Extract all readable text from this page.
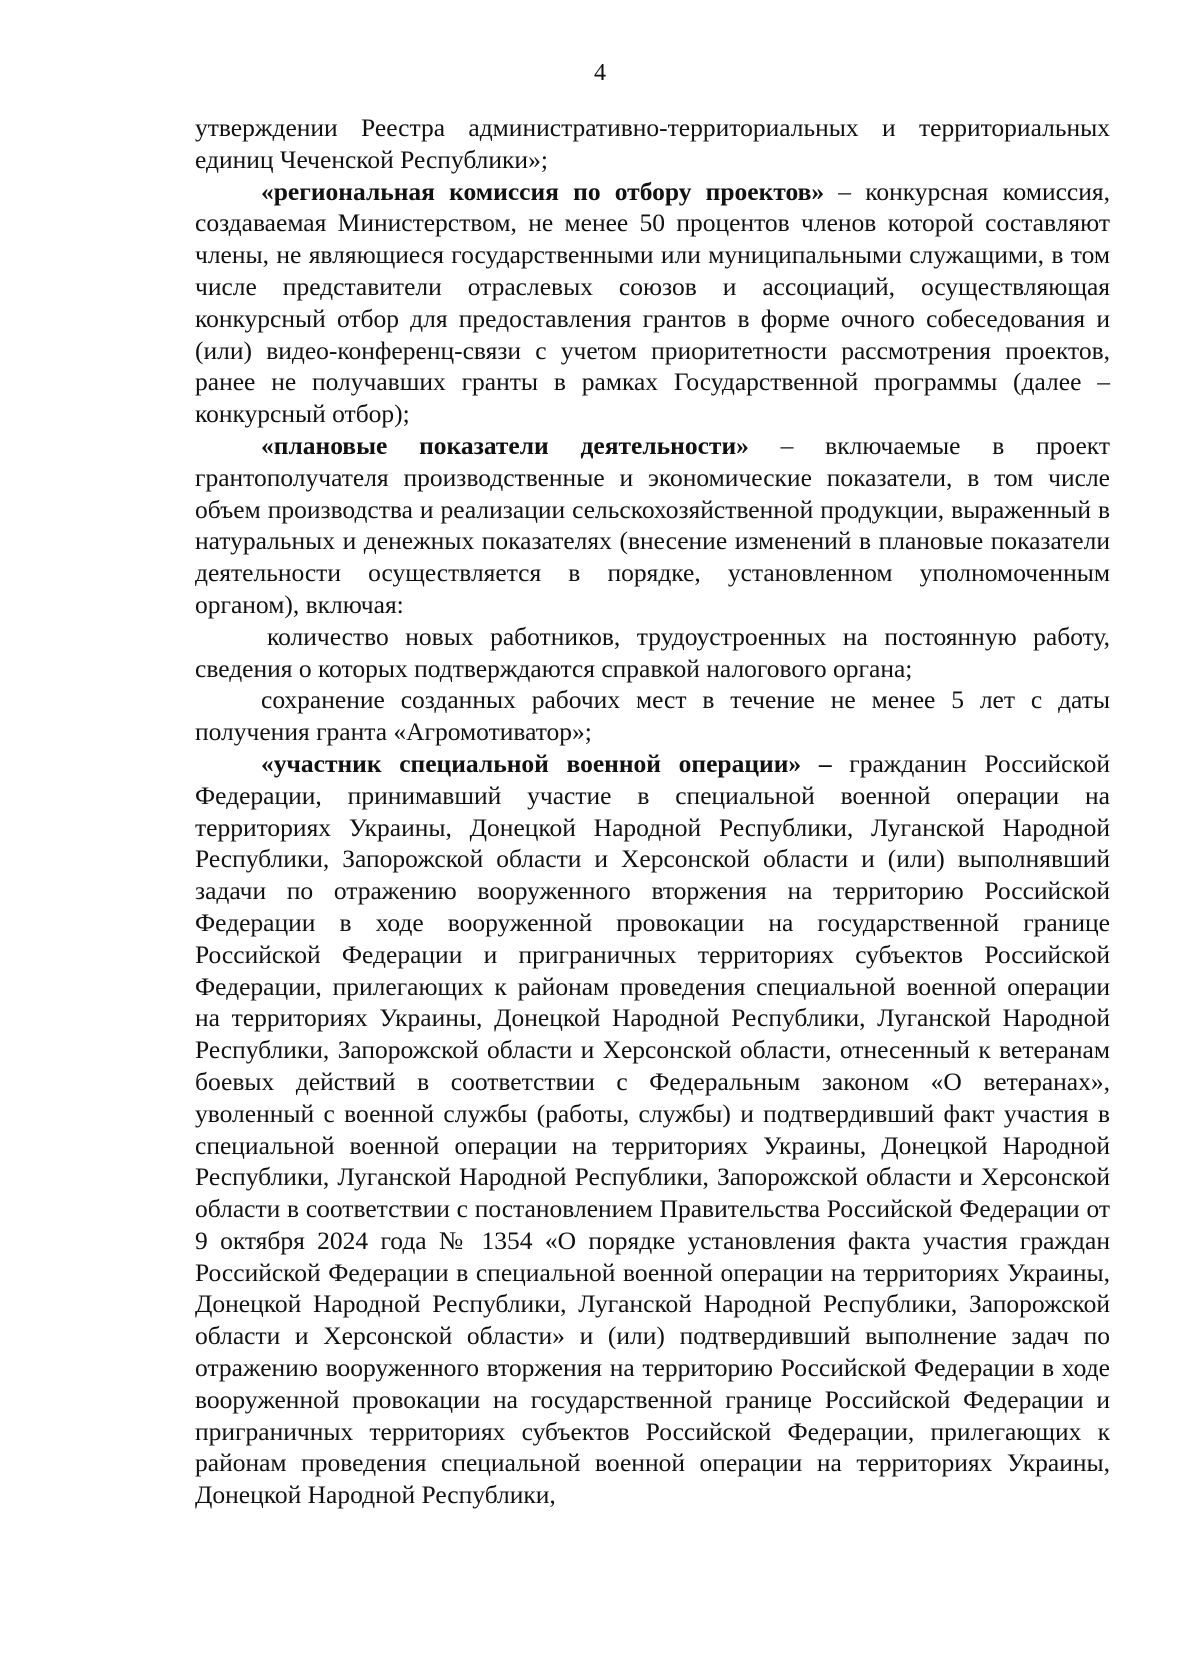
4

утверждении Реестра административно-территориальных и территориальных единиц Чеченской Республики»;

«региональная комиссия по отбору проектов» – конкурсная комиссия, создаваемая Министерством, не менее 50 процентов членов которой составляют члены, не являющиеся государственными или муниципальными служащими, в том числе представители отраслевых союзов и ассоциаций, осуществляющая конкурсный отбор для предоставления грантов в форме очного собеседования и (или) видео-конференц-связи с учетом приоритетности рассмотрения проектов, ранее не получавших гранты в рамках Государственной программы (далее – конкурсный отбор);

«плановые показатели деятельности» – включаемые в проект грантополучателя производственные и экономические показатели, в том числе объем производства и реализации сельскохозяйственной продукции, выраженный в натуральных и денежных показателях (внесение изменений в плановые показатели деятельности осуществляется в порядке, установленном уполномоченным органом), включая:

количество новых работников, трудоустроенных на постоянную работу, сведения о которых подтверждаются справкой налогового органа;

сохранение созданных рабочих мест в течение не менее 5 лет с даты получения гранта «Агромотиватор»;

«участник специальной военной операции» – гражданин Российской Федерации, принимавший участие в специальной военной операции на территориях Украины, Донецкой Народной Республики, Луганской Народной Республики, Запорожской области и Херсонской области и (или) выполнявший задачи по отражению вооруженного вторжения на территорию Российской Федерации в ходе вооруженной провокации на государственной границе Российской Федерации и приграничных территориях субъектов Российской Федерации, прилегающих к районам проведения специальной военной операции на территориях Украины, Донецкой Народной Республики, Луганской Народной Республики, Запорожской области и Херсонской области, отнесенный к ветеранам боевых действий в соответствии с Федеральным законом «О ветеранах», уволенный с военной службы (работы, службы) и подтвердивший факт участия в специальной военной операции на территориях Украины, Донецкой Народной Республики, Луганской Народной Республики, Запорожской области и Херсонской области в соответствии с постановлением Правительства Российской Федерации от 9 октября 2024 года № 1354 «О порядке установления факта участия граждан Российской Федерации в специальной военной операции на территориях Украины, Донецкой Народной Республики, Луганской Народной Республики, Запорожской области и Херсонской области» и (или) подтвердивший выполнение задач по отражению вооруженного вторжения на территорию Российской Федерации в ходе вооруженной провокации на государственной границе Российской Федерации и приграничных территориях субъектов Российской Федерации, прилегающих к районам проведения специальной военной операции на территориях Украины, Донецкой Народной Республики,
